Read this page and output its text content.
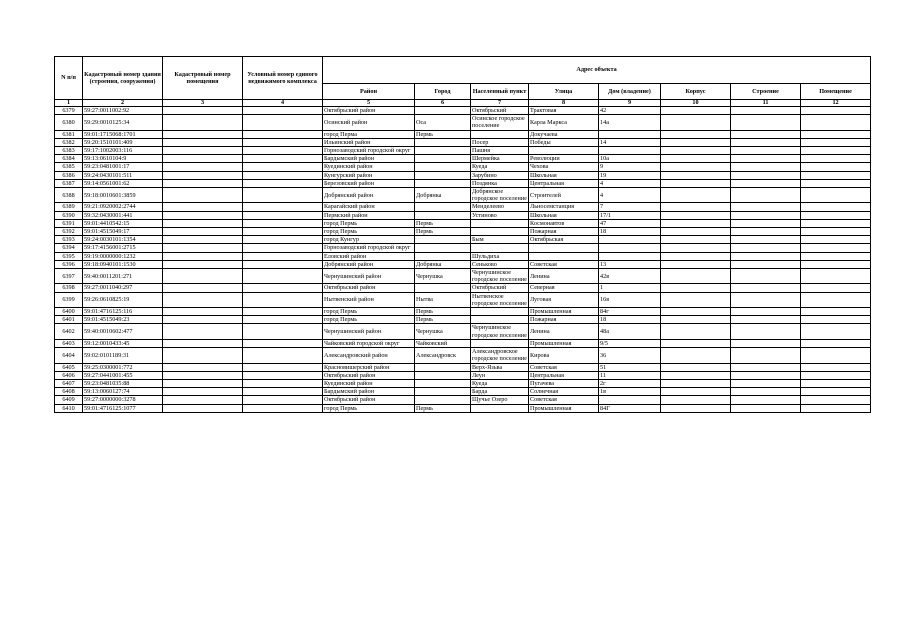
N п/п	Кадастровый номер здания (строения, сооружения)	Кадастровый номер помещения	Условный номер единого недвижимого комплекса	Адрес объекта							
				Район	Город	Населенный пункт	Улица	Дом (владение)	Корпус	Строение	Помещение
1	2	3	4	5	6	7	8	9	10	11	12
6379	59:27:0011002:92			Октябрьский район		Октябрьский	Трактовая	42			
6380	59:29:0010125:34			Осинский район	Оса	Осинское городское поселение	Карла Маркса	14а			
6381	59:01:1715068:1701			город Перма	Пермь		Докучаева				
6382	59:20:1510101:409			Ильинский район		Посер	Победы	14			
6383	59:17:1002003:116			Горнозаводский городской округ		Пашня					
6384	59:13:0610104:9			Бардымский район		Шермейка	Революции	10а			
6385	59:23:0481001:17			Куединский район		Куеда	Чехова	9			
6386	59:24:0430101:511			Кунгурский район		Зарубино	Школьная	19			
6387	59:14:0561001:62			Березовский район		Поздянка	Центральная	4			
6388	59:18:0010601:3859			Добрянский район	Добрянка	Добрянское городское поселение	Строителей	4			
6389	59:21:0920002:2744			Карагайский район		Менделеево	Льносемстанция	7			
6390	59:32:0430001:441			Пермский район		Устиново	Школьная	17/1			
6391	59:01:4410542:15			город Пермь	Пермь		Космонавтов	47			
6392	59:01:4515049:17			город Пермь	Пермь		Пожарная	18			
6393	59:24:0030101:1354			город Кунгур		Бым	Октябрьская				
6394	59:17:4156001:2715			Горнозаводский городской округ							
6395	59:19:0000000:1232			Еловский район		Шульдиха					
6396	59:18:0940101:1530			Добрянский район	Добрянка	Сеньково	Советская	13			
6397	59:40:0011201:271			Чернушинский район	Чернушка	Чернушинское городское поселение	Ленина	42в			
6398	59:27:0011040:297			Октябрьский район		Октябрьский	Северная	1			
6399	59:26:0610825:19			Нытвенский район	Нытва	Нытвенское городское поселение	Луговая	16в			
6400	59:01:4716125:116			город Пермь	Пермь		Промышленная	84г			
6401	59:01:4515049:23			город Пермь	Пермь		Пожарная	18			
6402	59:40:0010602:477			Чернушинский район	Чернушка	Чернушинское городское поселение	Ленина	48а			
6403	59:12:0010433:45			Чайковский городской округ	Чайковский		Промышленная	9/5			
6404	59:02:0101189:31			Александровский район	Александровск	Александровское городское поселение	Кирова	36			
6405	59:25:0300001:772			Красновишерский район		Верх-Язьва	Советская	51			
6406	59:27:0441001:455			Октябрьский район		Леун	Центральная	11			
6407	59:23:0481035:88			Куединский район		Куеда	Пугачева	2г			
6408	59:13:0060127:74			Бардымский район		Барда	Солнечная	1в			
6409	59:27:0000000:3278			Октябрьский район		Щучье Озеро	Советская				
6410	59:01:4716125:1077			город Пермь	Пермь		Промышленная	84Г			
